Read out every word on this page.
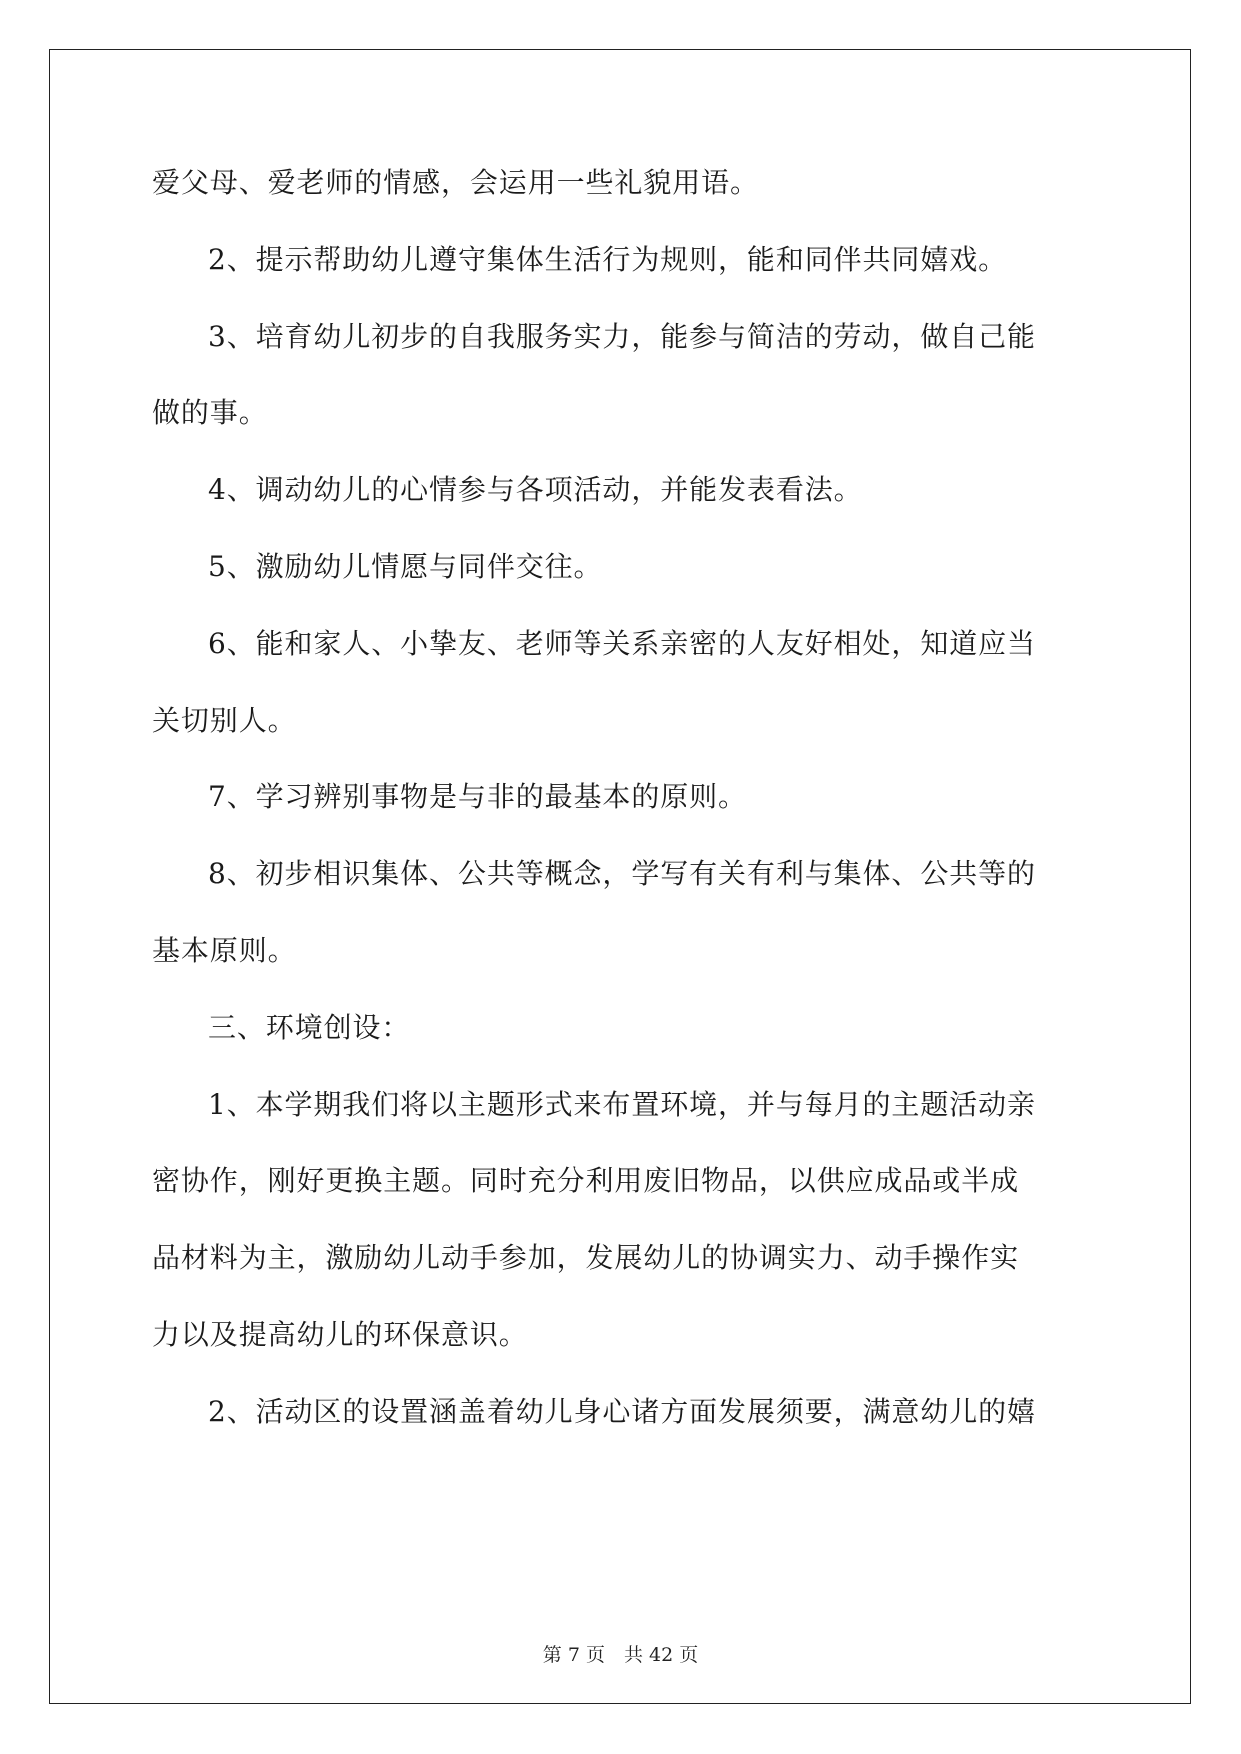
爱父母、爱老师的情感，会运用一些礼貌用语。
2、提示帮助幼儿遵守集体生活行为规则，能和同伴共同嬉戏。
3、培育幼儿初步的自我服务实力，能参与简洁的劳动，做自己能
做的事。
4、调动幼儿的心情参与各项活动，并能发表看法。
5、激励幼儿情愿与同伴交往。
6、能和家人、小挚友、老师等关系亲密的人友好相处，知道应当
关切别人。
7、学习辨别事物是与非的最基本的原则。
8、初步相识集体、公共等概念，学写有关有利与集体、公共等的
基本原则。
三、环境创设：
1、本学期我们将以主题形式来布置环境，并与每月的主题活动亲
密协作，刚好更换主题。同时充分利用废旧物品，以供应成品或半成
品材料为主，激励幼儿动手参加，发展幼儿的协调实力、动手操作实
力以及提高幼儿的环保意识。
2、活动区的设置涵盖着幼儿身心诸方面发展须要，满意幼儿的嬉
第 7 页　共 42 页
